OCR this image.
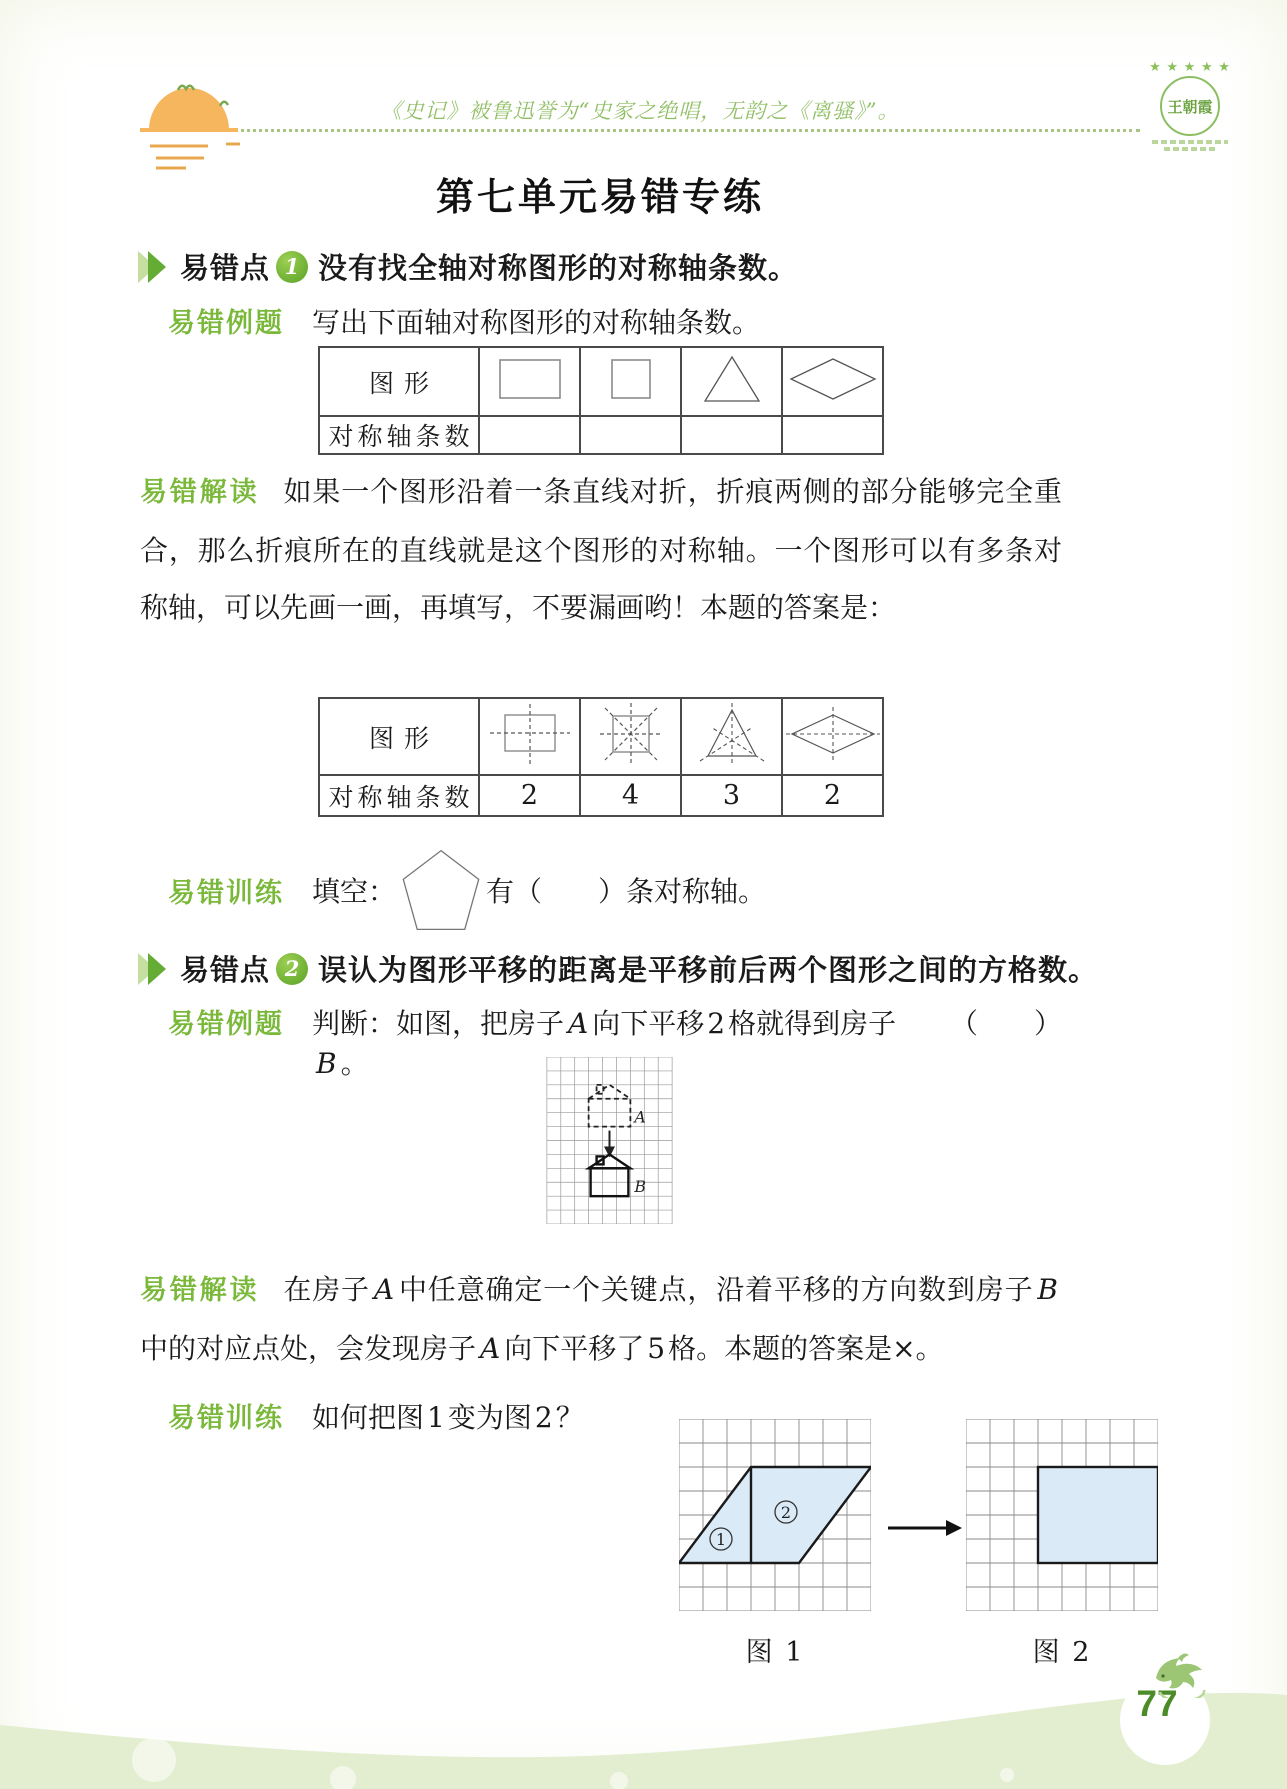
《史记》被鲁迅誉为“史家之绝唱，无韵之《离骚》”。
★ ★ ★ ★ ★
王朝霞
第七单元易错专练
易错点 1 没有找全轴对称图形的对称轴条数。
易错例题 写出下面轴对称图形的对称轴条数。
图形				
对称轴条数				
易错解读 如果一个图形沿着一条直线对折，折痕两侧的部分能够完全重合，那么折痕所在的直线就是这个图形的对称轴。一个图形可以有多条对称轴，可以先画一画，再填写，不要漏画哟！本题的答案是：
图形				
对称轴条数	2	4	3	2
易错训练 填空：	有（　　）条对称轴。
易错点 2 误认为图形平移的距离是平移前后两个图形之间的方格数。
易错例题 判断：如图，把房子 A 向下平移 2 格就得到房子B 。
（　　）
A
B
易错解读 在房子 A 中任意确定一个关键点，沿着平移的方向数到房子 B中的对应点处，会发现房子 A 向下平移了 5 格。本题的答案是×。
易错训练 如何把图 1 变为图 2 ？
1
2
图 1	图 2
77
